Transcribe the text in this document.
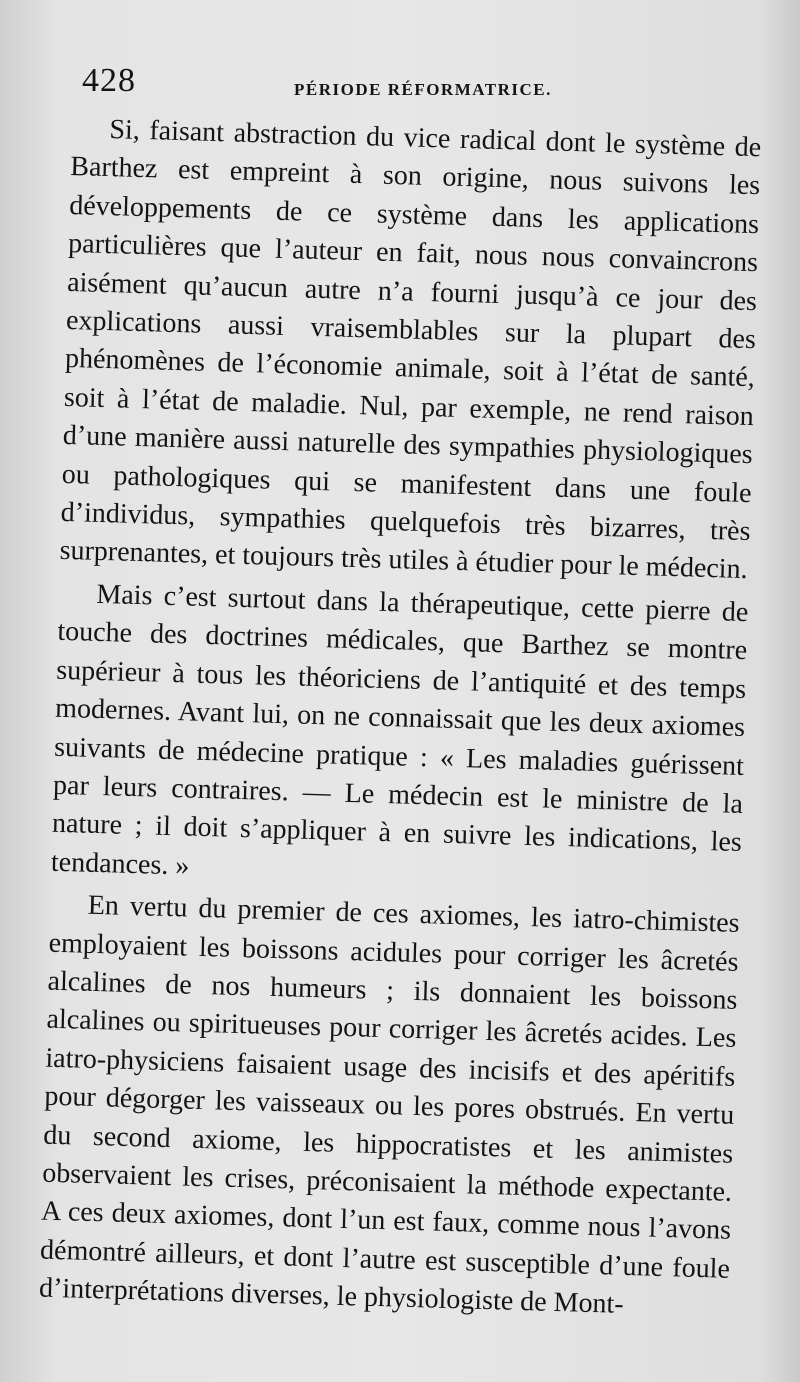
428	PÉRIODE RÉFORMATRICE.

Si, faisant abstraction du vice radical dont le système de Barthez est empreint à son origine, nous suivons les développements de ce système dans les applications particulières que l’auteur en fait, nous nous convaincrons aisément qu’aucun autre n’a fourni jusqu’à ce jour des explications aussi vraisemblables sur la plupart des phénomènes de l’économie animale, soit à l’état de santé, soit à l’état de maladie. Nul, par exemple, ne rend raison d’une manière aussi naturelle des sympathies physiologiques ou pathologiques qui se manifestent dans une foule d’individus, sympathies quelquefois très bizarres, très surprenantes, et toujours très utiles à étudier pour le médecin.

Mais c’est surtout dans la thérapeutique, cette pierre de touche des doctrines médicales, que Barthez se montre supérieur à tous les théoriciens de l’antiquité et des temps modernes. Avant lui, on ne connaissait que les deux axiomes suivants de médecine pratique : « Les maladies guérissent par leurs contraires. — Le médecin est le ministre de la nature ; il doit s’appliquer à en suivre les indications, les tendances. »

En vertu du premier de ces axiomes, les iatro-chimistes employaient les boissons acidules pour corriger les âcretés alcalines de nos humeurs ; ils donnaient les boissons alcalines ou spiritueuses pour corriger les âcretés acides. Les iatro-physiciens faisaient usage des incisifs et des apéritifs pour dégorger les vaisseaux ou les pores obstrués. En vertu du second axiome, les hippocratistes et les animistes observaient les crises, préconisaient la méthode expectante. A ces deux axiomes, dont l’un est faux, comme nous l’avons démontré ailleurs, et dont l’autre est susceptible d’une foule d’interprétations diverses, le physiologiste de Mont-
